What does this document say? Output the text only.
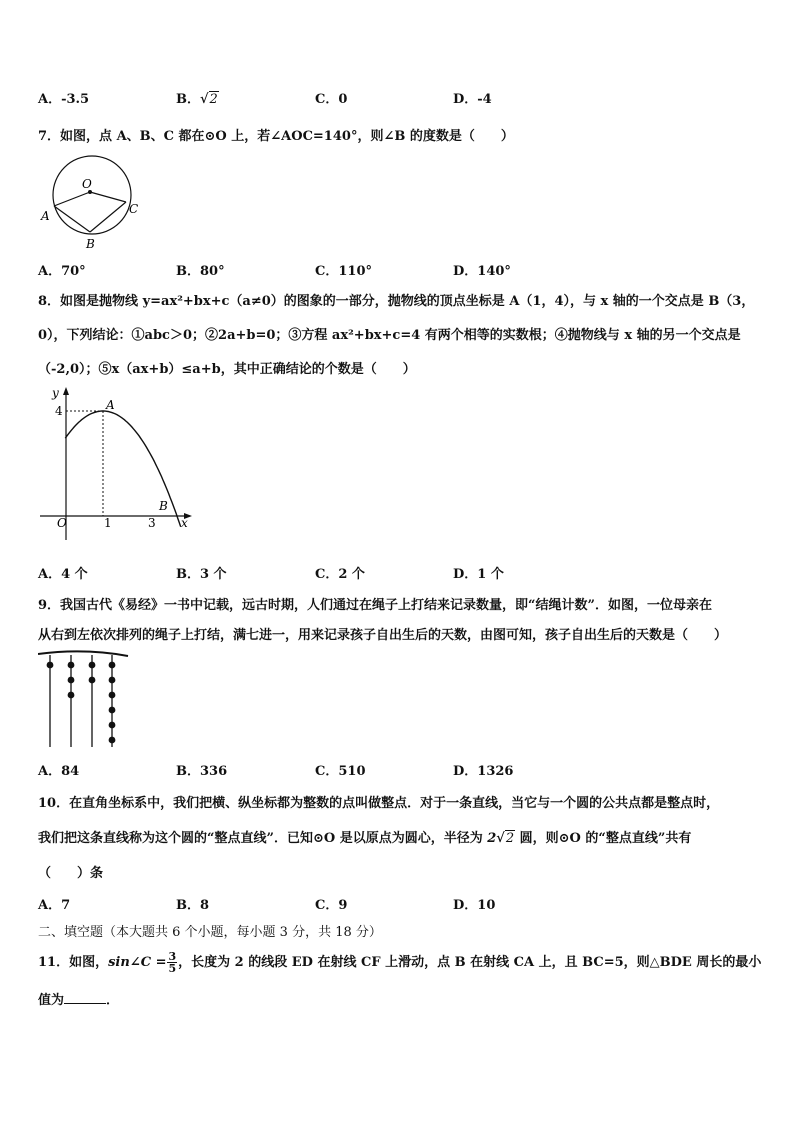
A．-3.5	B．√2	C．0	D．-4
7．如图，点 A、B、C 都在⊙O 上，若∠AOC=140°，则∠B 的度数是（　　）
O
A
B
C
A．70°	B．80°	C．110°	D．140°
8．如图是抛物线 y=ax²+bx+c（a≠0）的图象的一部分，抛物线的顶点坐标是 A（1，4），与 x 轴的一个交点是 B（3，
0），下列结论：①abc＞0；②2a+b=0；③方程 ax²+bx+c=4 有两个相等的实数根；④抛物线与 x 轴的另一个交点是
（-2,0）；⑤x（ax+b）≤a+b，其中正确结论的个数是（　　）
y
x
O
4
1	3
A
B
A．4 个	B．3 个	C．2 个	D．1 个
9．我国古代《易经》一书中记载，远古时期，人们通过在绳子上打结来记录数量，即“结绳计数”．如图，一位母亲在
从右到左依次排列的绳子上打结，满七进一，用来记录孩子自出生后的天数，由图可知，孩子自出生后的天数是（　　）
A．84	B．336	C．510	D．1326
10．在直角坐标系中，我们把横、纵坐标都为整数的点叫做整点．对于一条直线，当它与一个圆的公共点都是整点时，
我们把这条直线称为这个圆的“整点直线”．已知⊙O 是以原点为圆心，半径为 2√2 圆，则⊙O 的“整点直线”共有
（　　）条
A．7	B．8	C．9	D．10
二、填空题（本大题共 6 个小题，每小题 3 分，共 18 分）
11．如图，sin∠C = $\frac{3}{5}$ ，长度为 2 的线段 ED 在射线 CF 上滑动，点 B 在射线 CA 上，且 BC=5，则△BDE 周长的最小
值为	．
